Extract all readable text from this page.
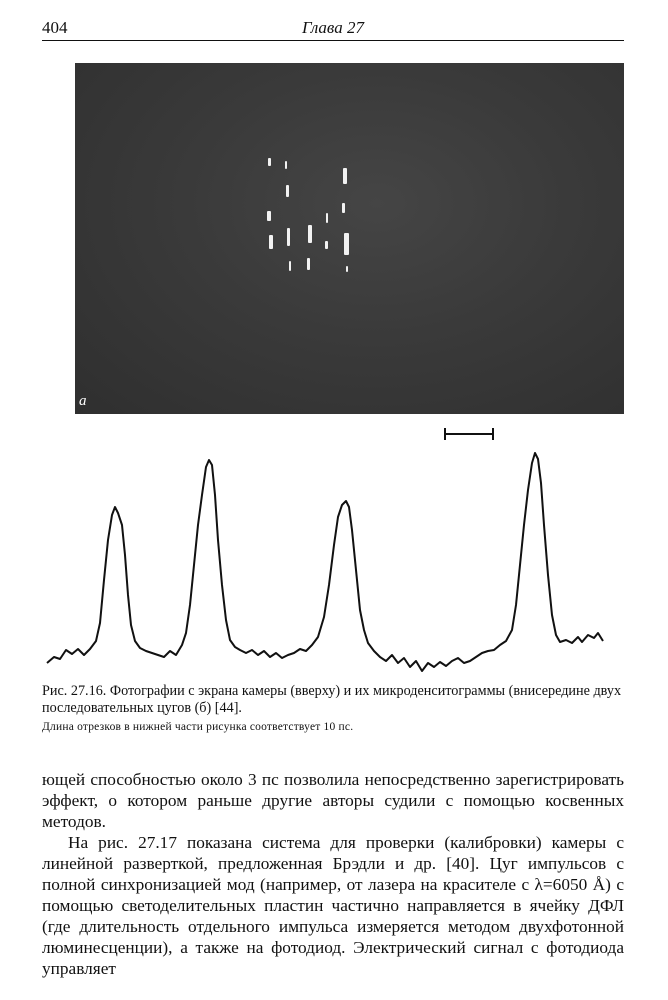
404	Глава 27
a
Рис. 27.16. Фотографии с экрана камеры (вверху) и их микроденситограммы (внисередине двух последовательных цугов (б) [44].
Длина отрезков в нижней части рисунка соответствует 10 пс.

ющей способностью около 3 пс позволила непосредственно зарегистрировать эффект, о котором раньше другие авторы судили с помощью косвенных методов.

На рис. 27.17 показана система для проверки (калибровки) камеры с линейной разверткой, предложенная Брэдли и др. [40]. Цуг импульсов с полной синхронизацией мод (например, от лазера на красителе с λ=6050 Å) с помощью светоделительных пластин частично направляется в ячейку ДФЛ (где длительность отдельного импульса измеряется методом двухфотонной люминесценции), а также на фотодиод. Электрический сигнал с фотодиода управляет
